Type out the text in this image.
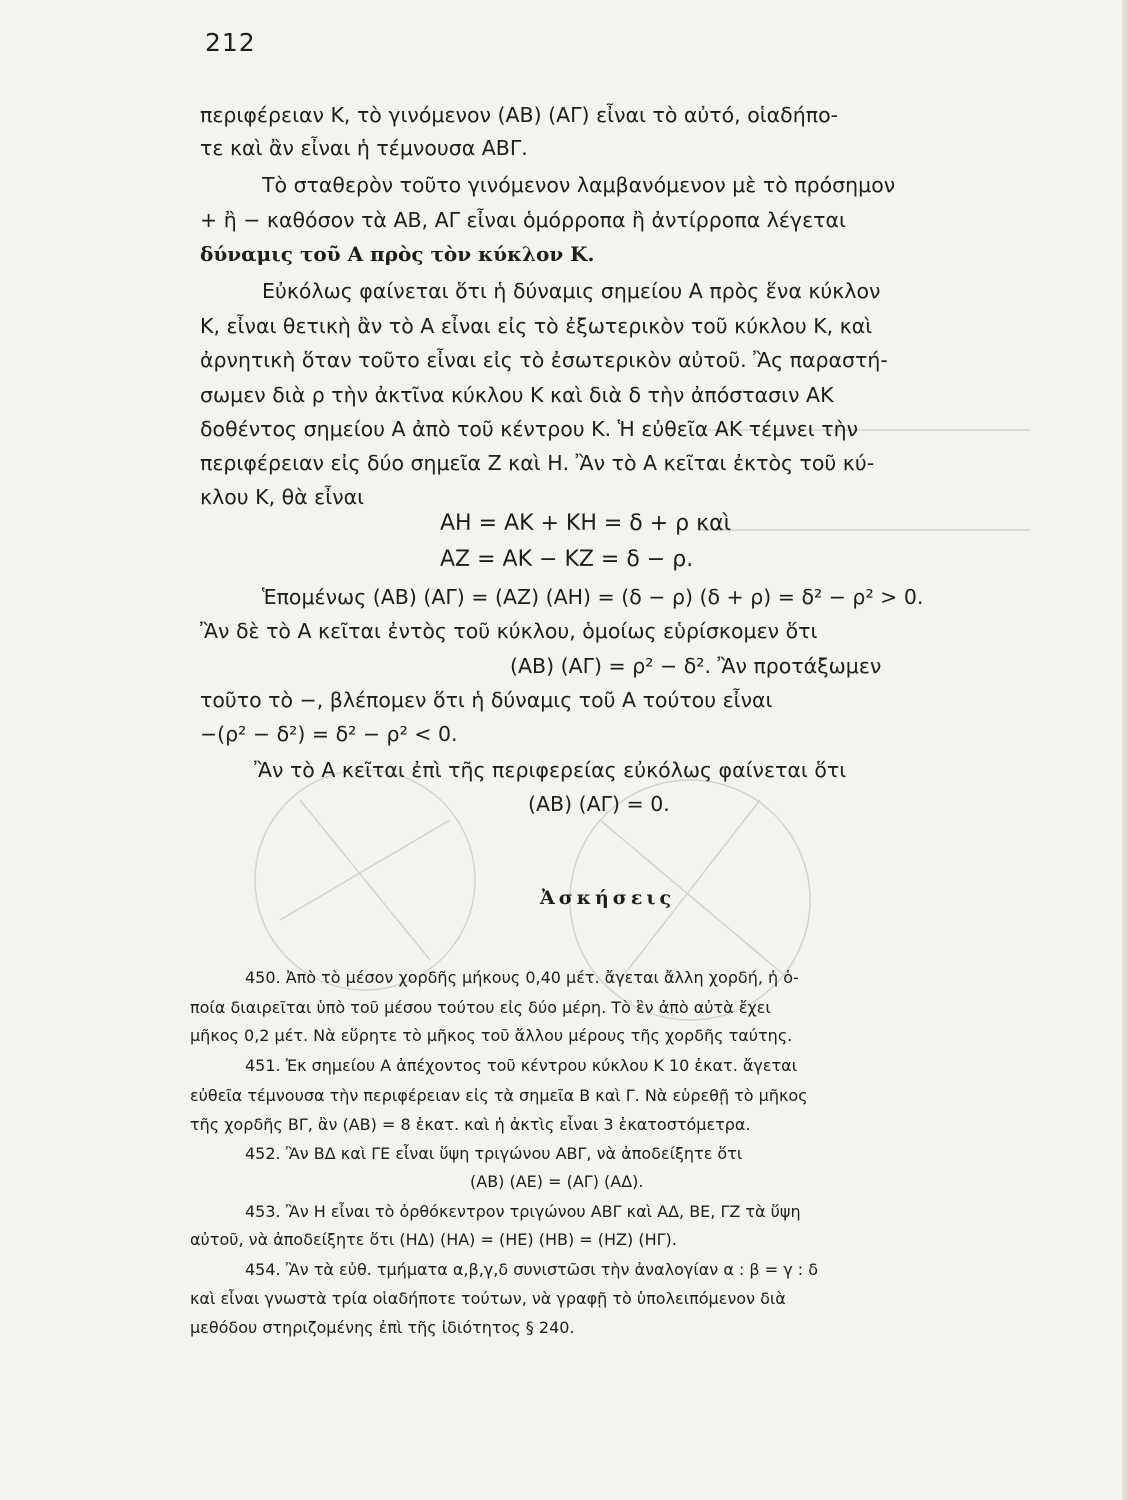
212
περιφέρειαν Κ, τὸ γινόμενον (ΑΒ) (ΑΓ) εἶναι τὸ αὐτό, οἱαδήπο-
τε καὶ ἂν εἶναι ἡ τέμνουσα ΑΒΓ.
Τὸ σταθερὸν τοῦτο γινόμενον λαμβανόμενον μὲ τὸ πρόσημον
+ ἢ − καθόσον τὰ ΑΒ, ΑΓ εἶναι ὁμόρροπα ἢ ἀντίρροπα λέγεται
δύναμις τοῦ Α πρὸς τὸν κύκλον Κ.
Εὐκόλως φαίνεται ὅτι ἡ δύναμις σημείου Α πρὸς ἕνα κύκλον
Κ, εἶναι θετικὴ ἂν τὸ Α εἶναι εἰς τὸ ἐξωτερικὸν τοῦ κύκλου Κ, καὶ
ἀρνητικὴ ὅταν τοῦτο εἶναι εἰς τὸ ἐσωτερικὸν αὐτοῦ. Ἂς παραστή-
σωμεν διὰ ρ τὴν ἀκτῖνα κύκλου Κ καὶ διὰ δ τὴν ἀπόστασιν ΑΚ
δοθέντος σημείου Α ἀπὸ τοῦ κέντρου Κ. Ἡ εὐθεῖα ΑΚ τέμνει τὴν
περιφέρειαν εἰς δύο σημεῖα Ζ καὶ Η. Ἂν τὸ Α κεῖται ἐκτὸς τοῦ κύ-
κλου Κ, θὰ εἶναι
ΑΗ = ΑΚ + ΚΗ = δ + ρ καὶ
ΑΖ = ΑΚ − ΚΖ = δ − ρ.
Ἑπομένως (ΑΒ) (ΑΓ) = (ΑΖ) (ΑΗ) = (δ − ρ) (δ + ρ) = δ² − ρ² > 0.
Ἂν δὲ τὸ Α κεῖται ἐντὸς τοῦ κύκλου, ὁμοίως εὑρίσκομεν ὅτι
(ΑΒ) (ΑΓ) = ρ² − δ². Ἂν προτάξωμεν
τοῦτο τὸ −, βλέπομεν ὅτι ἡ δύναμις τοῦ Α τούτου εἶναι
−(ρ² − δ²) = δ² − ρ² < 0.
Ἂν τὸ Α κεῖται ἐπὶ τῆς περιφερείας εὐκόλως φαίνεται ὅτι
(ΑΒ) (ΑΓ) = 0.
Ἀσκήσεις
450. Ἀπὸ τὸ μέσον χορδῆς μήκους 0,40 μέτ. ἄγεται ἄλλη χορδή, ἡ ὁ-
ποία διαιρεῖται ὑπὸ τοῦ μέσου τούτου εἰς δύο μέρη. Τὸ ἓν ἀπὸ αὐτὰ ἔχει
μῆκος 0,2 μέτ. Νὰ εὕρητε τὸ μῆκος τοῦ ἄλλου μέρους τῆς χορδῆς ταύτης.
451. Ἐκ σημείου Α ἀπέχοντος τοῦ κέντρου κύκλου Κ 10 ἑκατ. ἄγεται
εὐθεῖα τέμνουσα τὴν περιφέρειαν εἰς τὰ σημεῖα Β καὶ Γ. Νὰ εὑρεθῇ τὸ μῆκος
τῆς χορδῆς ΒΓ, ἂν (ΑΒ) = 8 ἑκατ. καὶ ἡ ἀκτὶς εἶναι 3 ἑκατοστόμετρα.
452. Ἂν ΒΔ καὶ ΓΕ εἶναι ὕψη τριγώνου ΑΒΓ, νὰ ἀποδείξητε ὅτι
(ΑΒ) (ΑΕ) = (ΑΓ) (ΑΔ).
453. Ἂν Η εἶναι τὸ ὀρθόκεντρον τριγώνου ΑΒΓ καὶ ΑΔ, ΒΕ, ΓΖ τὰ ὕψη
αὐτοῦ, νὰ ἀποδείξητε ὅτι (ΗΔ) (ΗΑ) = (ΗΕ) (ΗΒ) = (ΗΖ) (ΗΓ).
454. Ἂν τὰ εὐθ. τμήματα α,β,γ,δ συνιστῶσι τὴν ἀναλογίαν α : β = γ : δ
καὶ εἶναι γνωστὰ τρία οἱαδήποτε τούτων, νὰ γραφῇ τὸ ὑπολειπόμενον διὰ
μεθόδου στηριζομένης ἐπὶ τῆς ἰδιότητος § 240.
